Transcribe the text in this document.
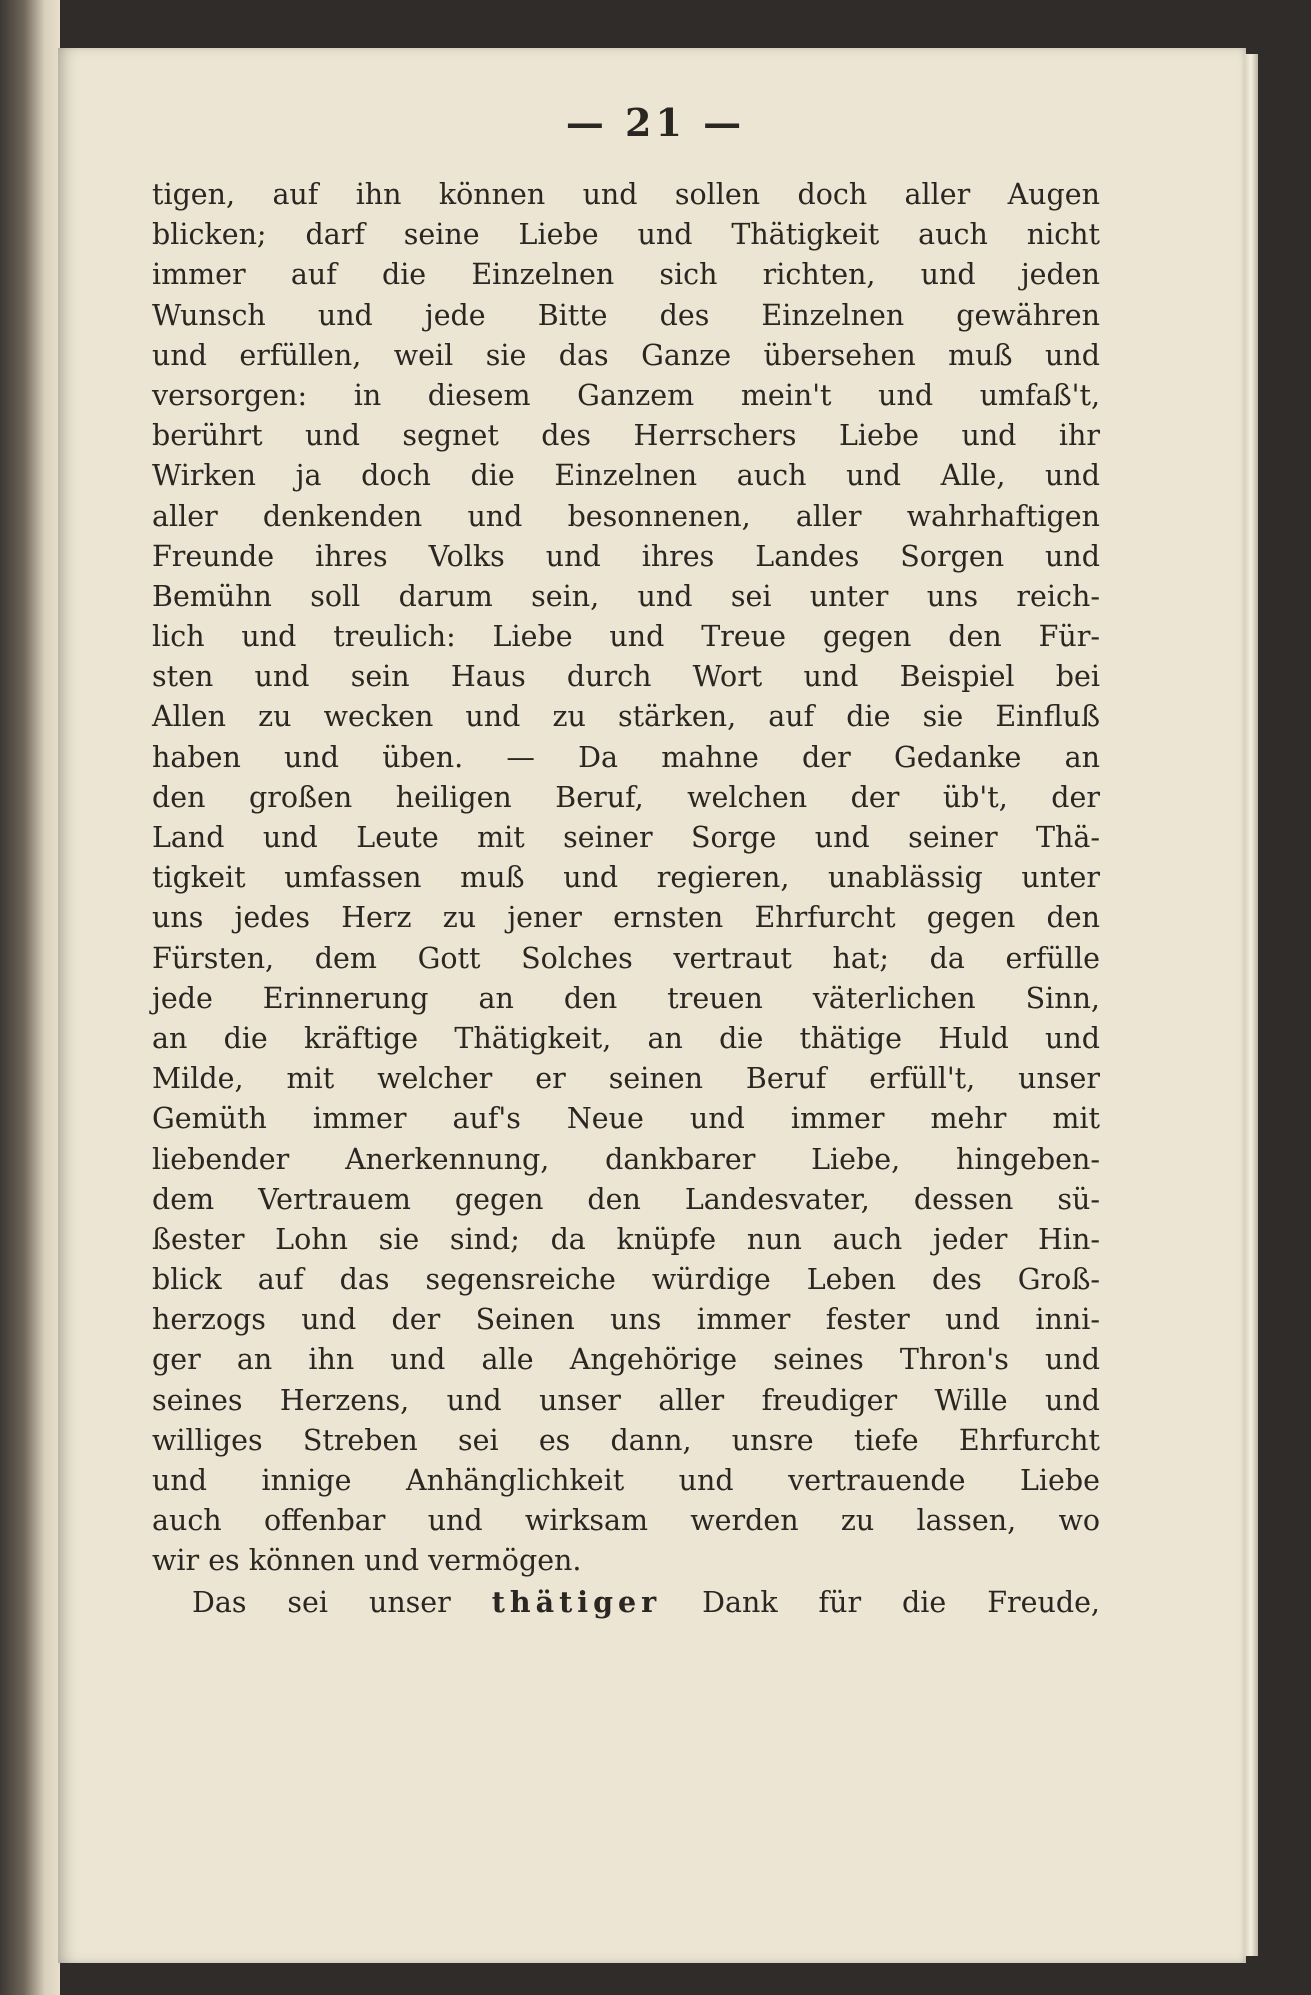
— 21 —
tigen, auf ihn können und sollen doch aller Augen
blicken; darf seine Liebe und Thätigkeit auch nicht
immer auf die Einzelnen sich richten, und jeden
Wunsch und jede Bitte des Einzelnen gewähren
und erfüllen, weil sie das Ganze übersehen muß und
versorgen: in diesem Ganzem mein't und umfaß't,
berührt und segnet des Herrschers Liebe und ihr
Wirken ja doch die Einzelnen auch und Alle, und
aller denkenden und besonnenen, aller wahrhaftigen
Freunde ihres Volks und ihres Landes Sorgen und
Bemühn soll darum sein, und sei unter uns reich-
lich und treulich: Liebe und Treue gegen den Für-
sten und sein Haus durch Wort und Beispiel bei
Allen zu wecken und zu stärken, auf die sie Einfluß
haben und üben. — Da mahne der Gedanke an
den großen heiligen Beruf, welchen der üb't, der
Land und Leute mit seiner Sorge und seiner Thä-
tigkeit umfassen muß und regieren, unablässig unter
uns jedes Herz zu jener ernsten Ehrfurcht gegen den
Fürsten, dem Gott Solches vertraut hat; da erfülle
jede Erinnerung an den treuen väterlichen Sinn,
an die kräftige Thätigkeit, an die thätige Huld und
Milde, mit welcher er seinen Beruf erfüll't, unser
Gemüth immer auf's Neue und immer mehr mit
liebender Anerkennung, dankbarer Liebe, hingeben-
dem Vertrauem gegen den Landesvater, dessen sü-
ßester Lohn sie sind; da knüpfe nun auch jeder Hin-
blick auf das segensreiche würdige Leben des Groß-
herzogs und der Seinen uns immer fester und inni-
ger an ihn und alle Angehörige seines Thron's und
seines Herzens, und unser aller freudiger Wille und
williges Streben sei es dann, unsre tiefe Ehrfurcht
und innige Anhänglichkeit und vertrauende Liebe
auch offenbar und wirksam werden zu lassen, wo
wir es können und vermögen.
Das sei unser thätiger Dank für die Freude,
